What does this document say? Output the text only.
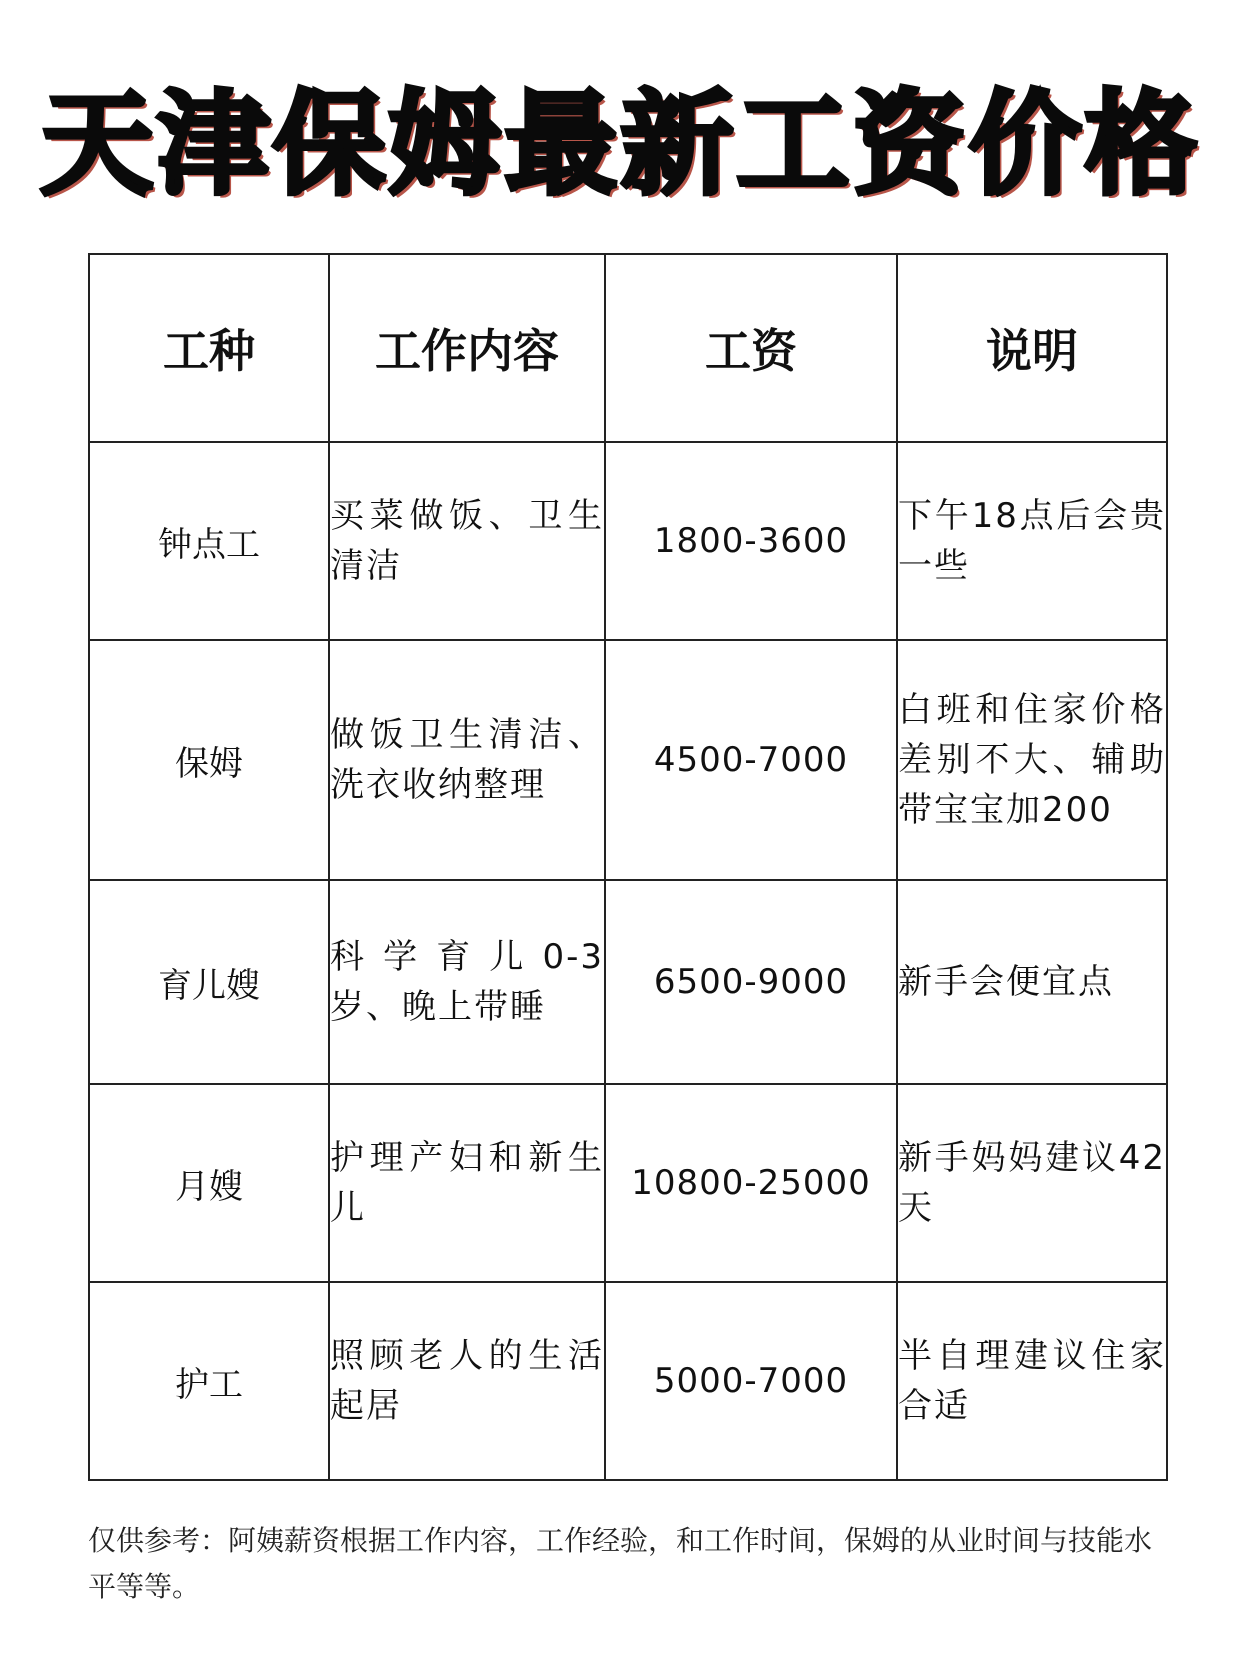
天津保姆最新工资价格
工种	工作内容	工资	说明
钟点工	买菜做饭、卫生清洁	1800-3600	下午18点后会贵一些
保姆	做饭卫生清洁、洗衣收纳整理	4500-7000	白班和住家价格差别不大、辅助带宝宝加200
育儿嫂	科学育儿0-3岁、晚上带睡	6500-9000	新手会便宜点
月嫂	护理产妇和新生儿	10800-25000	新手妈妈建议42天
护工	照顾老人的生活起居	5000-7000	半自理建议住家合适
仅供参考：阿姨薪资根据工作内容，工作经验，和工作时间，保姆的从业时间与技能水平等等。
